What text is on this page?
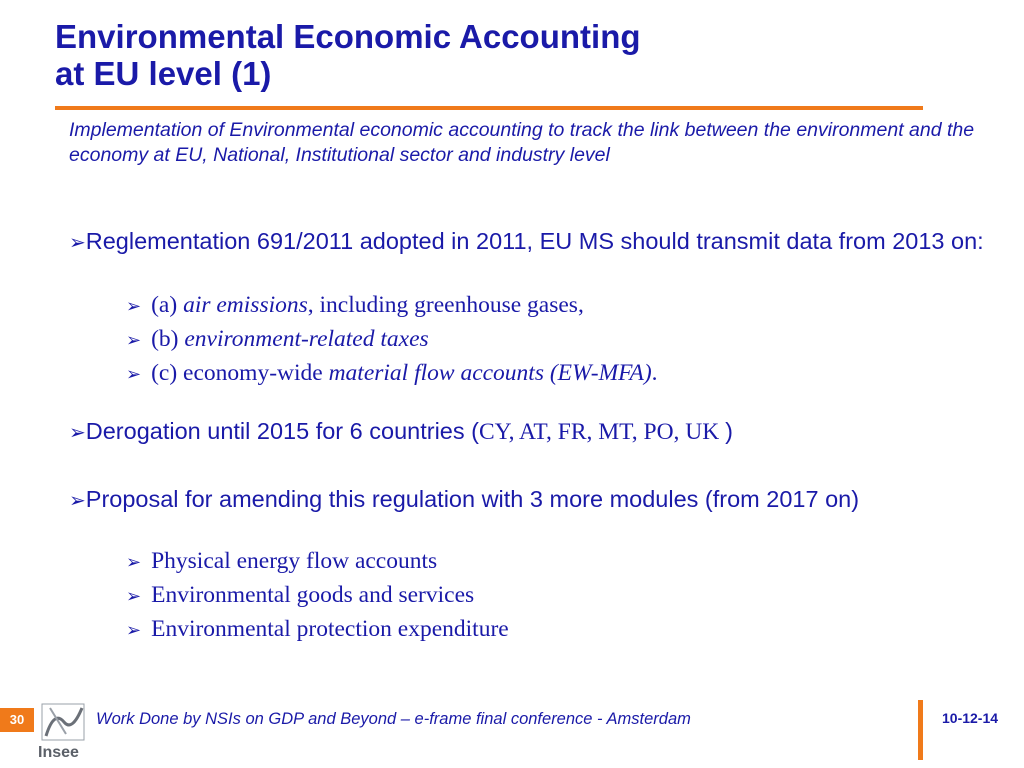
Environmental Economic Accounting
at EU level (1)
Implementation of Environmental economic accounting to track the link between the environment and the economy at EU, National, Institutional sector and industry level
➢Reglementation 691/2011 adopted in 2011, EU MS should transmit data from 2013 on:
➢ (a) air emissions, including greenhouse gases,
➢ (b) environment-related taxes
➢ (c) economy-wide material flow accounts (EW-MFA).
➢Derogation until 2015 for 6 countries (CY, AT, FR, MT, PO, UK )
➢Proposal for amending this regulation with 3 more modules (from 2017 on)
➢ Physical energy flow accounts
➢ Environmental goods and services
➢ Environmental protection expenditure
30
Insee
Work Done by NSIs on GDP and Beyond – e-frame final conference - Amsterdam	10-12-14
